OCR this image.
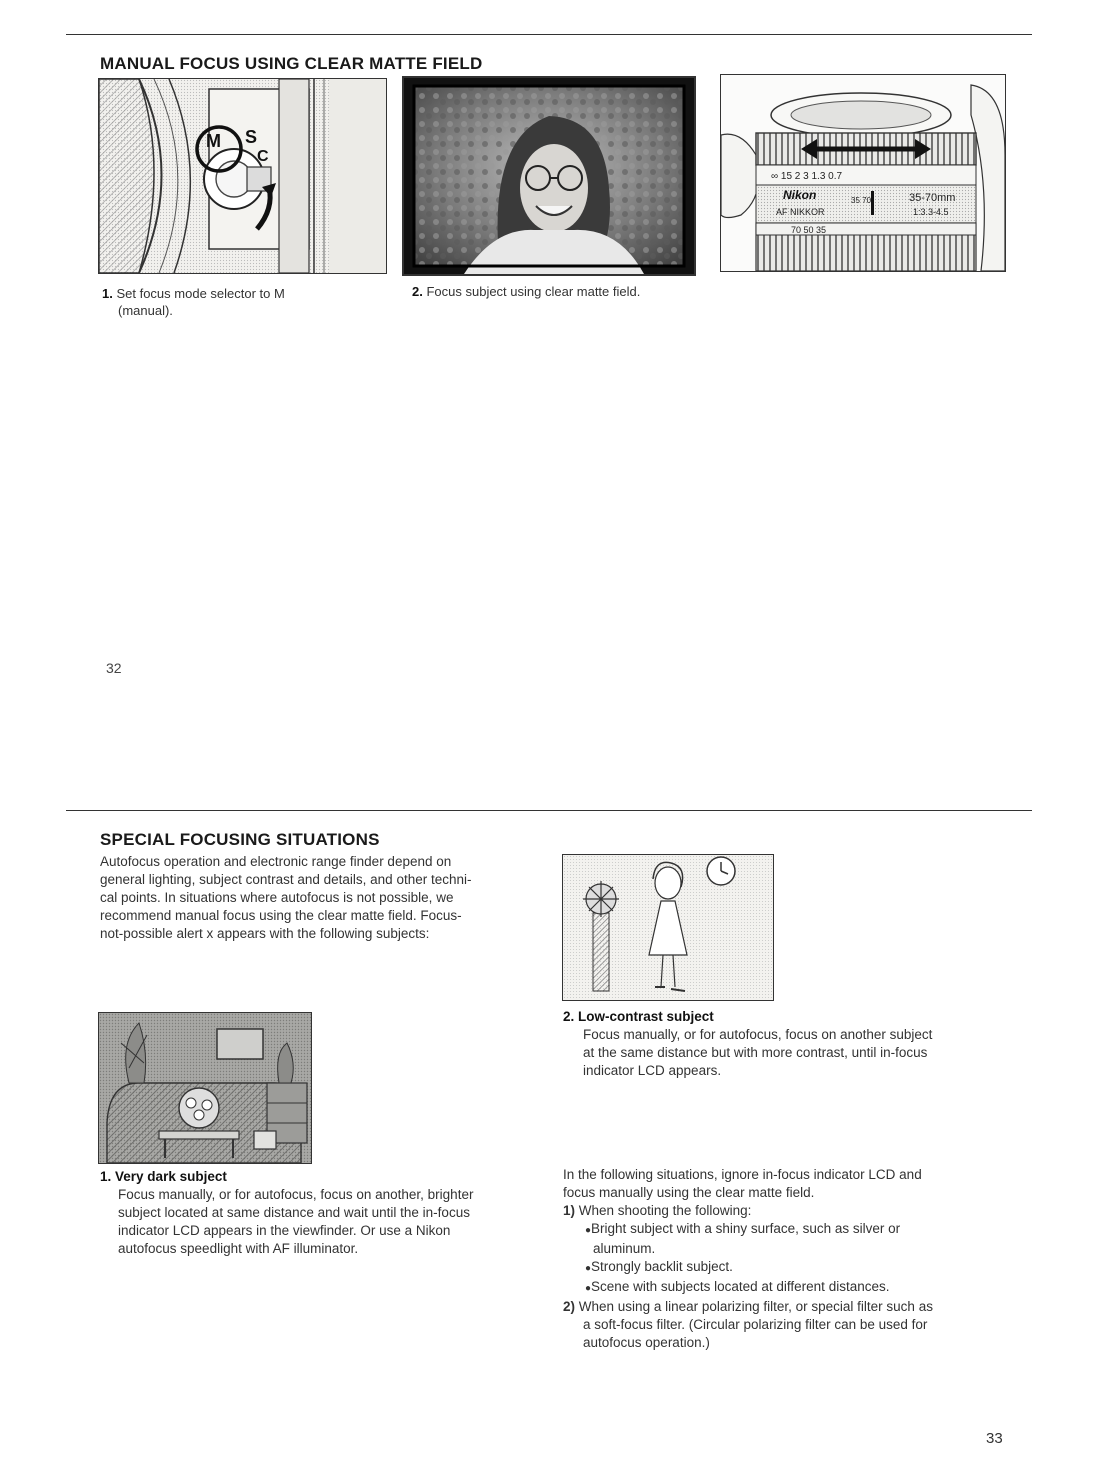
MANUAL FOCUS USING CLEAR MATTE FIELD
M S
C
∞ 15 2 3 1.3 0.7
Nikon
AF NIKKOR
35 70	35-70mm
1:3.3-4.5
70 50 35
1. Set focus mode selector to M
(manual).
2. Focus subject using clear matte field.
32
SPECIAL FOCUSING SITUATIONS
Autofocus operation and electronic range finder depend on
general lighting, subject contrast and details, and other techni-
cal points. In situations where autofocus is not possible, we
recommend manual focus using the clear matte field. Focus-
not-possible alert x appears with the following subjects:
2. Low-contrast subject
Focus manually, or for autofocus, focus on another subject
at the same distance but with more contrast, until in-focus
indicator LCD appears.
1. Very dark subject
Focus manually, or for autofocus, focus on another, brighter
subject located at same distance and wait until the in-focus
indicator LCD appears in the viewfinder. Or use a Nikon
autofocus speedlight with AF illuminator.
In the following situations, ignore in-focus indicator LCD and
focus manually using the clear matte field.
1) When shooting the following:
●Bright subject with a shiny surface, such as silver or
aluminum.
●Strongly backlit subject.
●Scene with subjects located at different distances.
2) When using a linear polarizing filter, or special filter such as
a soft-focus filter. (Circular polarizing filter can be used for
autofocus operation.)
33
